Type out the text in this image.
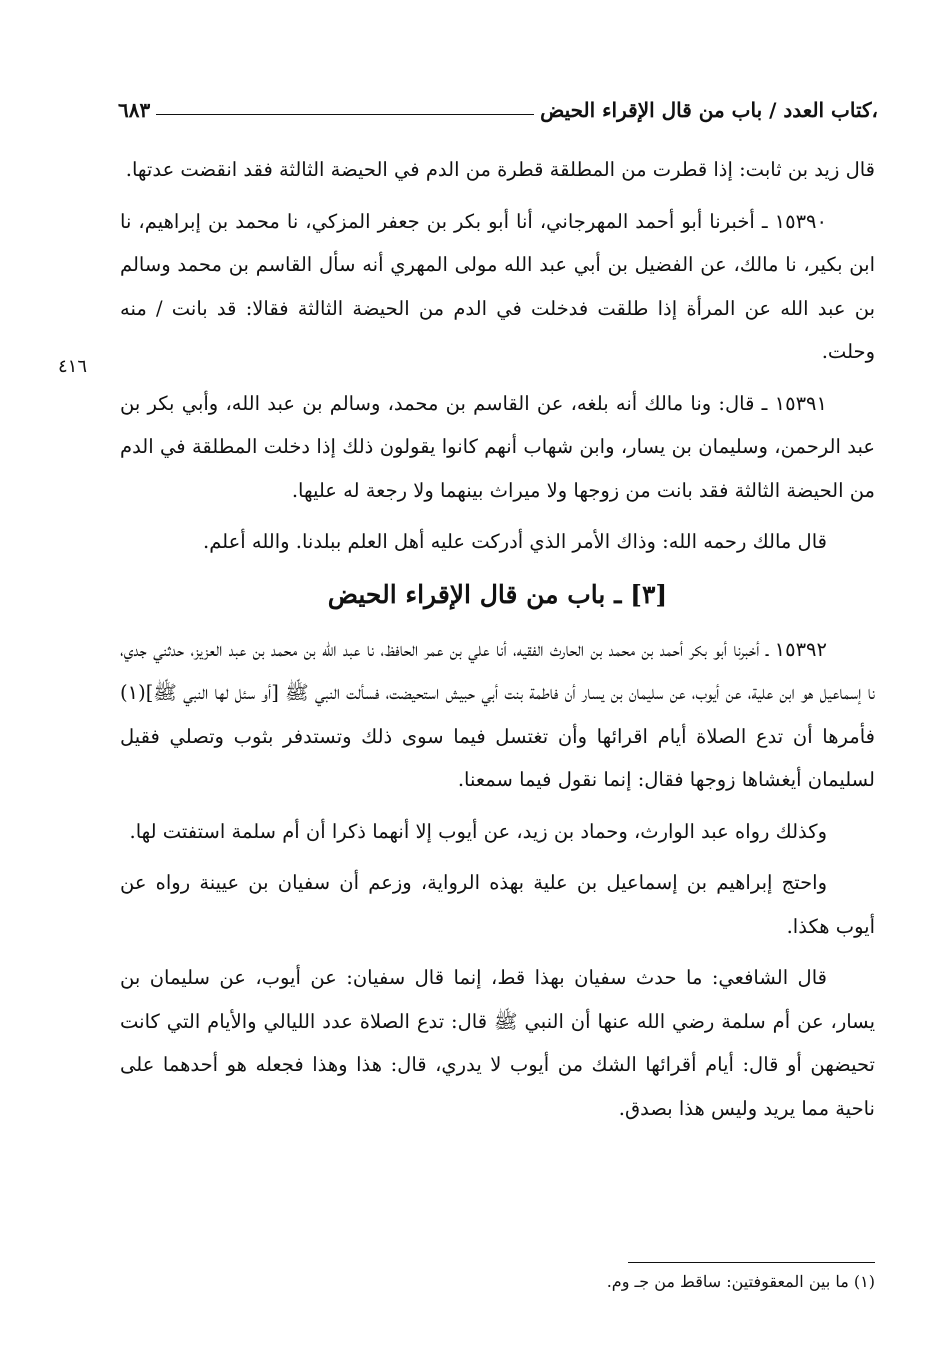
،كتاب العدد / باب من قال الإقراء الحيض
٦٨٣
٤١٦

قال زيد بن ثابت: إذا قطرت من المطلقة قطرة من الدم في الحيضة الثالثة فقد انقضت عدتها.

١٥٣٩٠ ـ أخبرنا أبو أحمد المهرجاني، أنا أبو بكر بن جعفر المزكي، نا محمد بن إبراهيم، نا ابن بكير، نا مالك، عن الفضيل بن أبي عبد الله مولى المهري أنه سأل القاسم بن محمد وسالم بن عبد الله عن المرأة إذا طلقت فدخلت في الدم من الحيضة الثالثة فقالا: قد بانت / منه وحلت.

١٥٣٩١ ـ قال: ونا مالك أنه بلغه، عن القاسم بن محمد، وسالم بن عبد الله، وأبي بكر بن عبد الرحمن، وسليمان بن يسار، وابن شهاب أنهم كانوا يقولون ذلك إذا دخلت المطلقة في الدم من الحيضة الثالثة فقد بانت من زوجها ولا ميراث بينهما ولا رجعة له عليها.

قال مالك رحمه الله: وذاك الأمر الذي أدركت عليه أهل العلم ببلدنا. والله أعلم.

[٣] ـ باب من قال الإقراء الحيض

١٥٣٩٢ ـ أخبرنا أبو بكر أحمد بن محمد بن الحارث الفقيه، أنا علي بن عمر الحافظ، نا عبد الله بن محمد بن عبد العزيز، حدثني جدي، نا إسماعيل هو ابن علية، عن أيوب، عن سليمان بن يسار أن فاطمة بنت أبي حبيش استحيضت، فسألت النبي ﷺ [أو سئل لها النبي ﷺ](١) فأمرها أن تدع الصلاة أيام اقرائها وأن تغتسل فيما سوى ذلك وتستدفر بثوب وتصلي فقيل لسليمان أيغشاها زوجها فقال: إنما نقول فيما سمعنا.

وكذلك رواه عبد الوارث، وحماد بن زيد، عن أيوب إلا أنهما ذكرا أن أم سلمة استفتت لها.

واحتج إبراهيم بن إسماعيل بن علية بهذه الرواية، وزعم أن سفيان بن عيينة رواه عن أيوب هكذا.

قال الشافعي: ما حدث سفيان بهذا قط، إنما قال سفيان: عن أيوب، عن سليمان بن يسار، عن أم سلمة رضي الله عنها أن النبي ﷺ قال: تدع الصلاة عدد الليالي والأيام التي كانت تحيضهن أو قال: أيام أقرائها الشك من أيوب لا يدري، قال: هذا وهذا فجعله هو أحدهما على ناحية مما يريد وليس هذا بصدق.

(١) ما بين المعقوفتين: ساقط من جـ وم.
